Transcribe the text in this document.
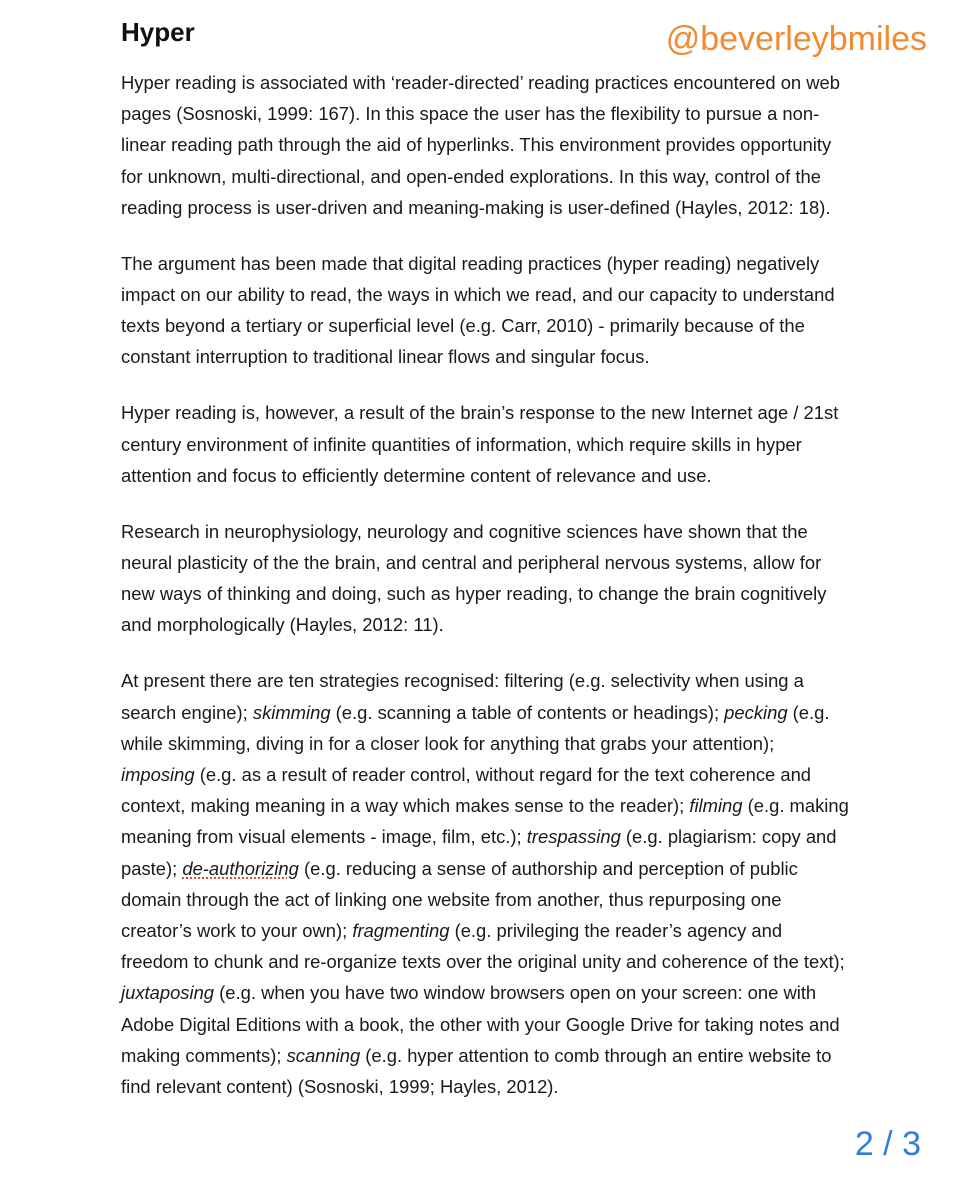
Hyper	@beverleybmiles

Hyper reading is associated with ‘reader-directed’ reading practices encountered on web pages (Sosnoski, 1999: 167). In this space the user has the flexibility to pursue a non-linear reading path through the aid of hyperlinks. This environment provides opportunity for unknown, multi-directional, and open-ended explorations. In this way, control of the reading process is user-driven and meaning-making is user-defined (Hayles, 2012: 18).

The argument has been made that digital reading practices (hyper reading) negatively impact on our ability to read, the ways in which we read, and our capacity to understand texts beyond a tertiary or superficial level (e.g. Carr, 2010) - primarily because of the constant interruption to traditional linear flows and singular focus.

Hyper reading is, however, a result of the brain’s response to the new Internet age / 21st century environment of infinite quantities of information, which require skills in hyper attention and focus to efficiently determine content of relevance and use.

Research in neurophysiology, neurology and cognitive sciences have shown that the neural plasticity of the the brain, and central and peripheral nervous systems, allow for new ways of thinking and doing, such as hyper reading, to change the brain cognitively and morphologically (Hayles, 2012: 11).

At present there are ten strategies recognised: filtering (e.g. selectivity when using a search engine); skimming (e.g. scanning a table of contents or headings); pecking (e.g. while skimming, diving in for a closer look for anything that grabs your attention); imposing (e.g. as a result of reader control, without regard for the text coherence and context, making meaning in a way which makes sense to the reader); filming (e.g. making meaning from visual elements - image, film, etc.); trespassing (e.g. plagiarism: copy and paste); de-authorizing (e.g. reducing a sense of authorship and perception of public domain through the act of linking one website from another, thus repurposing one creator’s work to your own); fragmenting (e.g. privileging the reader’s agency and freedom to chunk and re-organize texts over the original unity and coherence of the text); juxtaposing (e.g. when you have two window browsers open on your screen: one with Adobe Digital Editions with a book, the other with your Google Drive for taking notes and making comments); scanning (e.g. hyper attention to comb through an entire website to find relevant content) (Sosnoski, 1999; Hayles, 2012).

2 / 3
